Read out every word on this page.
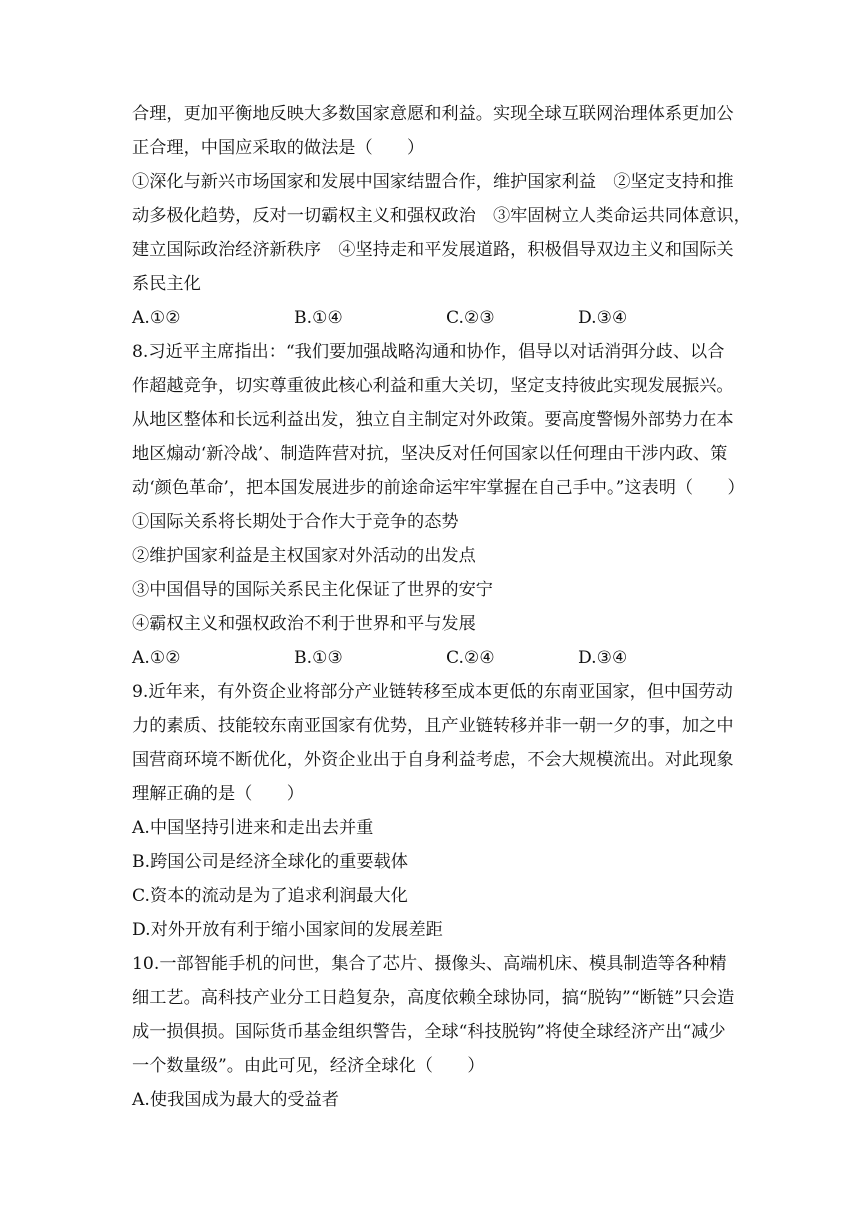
合理，更加平衡地反映大多数国家意愿和利益。实现全球互联网治理体系更加公

正合理，中国应采取的做法是（　　）

①深化与新兴市场国家和发展中国家结盟合作，维护国家利益　②坚定支持和推

动多极化趋势，反对一切霸权主义和强权政治　③牢固树立人类命运共同体意识，

建立国际政治经济新秩序　④坚持走和平发展道路，积极倡导双边主义和国际关

系民主化

A.①②	B.①④	C.②③	D.③④

8.习近平主席指出：“我们要加强战略沟通和协作，倡导以对话消弭分歧、以合

作超越竞争，切实尊重彼此核心利益和重大关切，坚定支持彼此实现发展振兴。

从地区整体和长远利益出发，独立自主制定对外政策。要高度警惕外部势力在本

地区煽动‘新冷战’、制造阵营对抗，坚决反对任何国家以任何理由干涉内政、策

动‘颜色革命’，把本国发展进步的前途命运牢牢掌握在自己手中。”这表明（　　）

①国际关系将长期处于合作大于竞争的态势

②维护国家利益是主权国家对外活动的出发点

③中国倡导的国际关系民主化保证了世界的安宁

④霸权主义和强权政治不利于世界和平与发展

A.①②	B.①③	C.②④	D.③④

9.近年来，有外资企业将部分产业链转移至成本更低的东南亚国家，但中国劳动

力的素质、技能较东南亚国家有优势，且产业链转移并非一朝一夕的事，加之中

国营商环境不断优化，外资企业出于自身利益考虑，不会大规模流出。对此现象

理解正确的是（　　）

A.中国坚持引进来和走出去并重

B.跨国公司是经济全球化的重要载体

C.资本的流动是为了追求利润最大化

D.对外开放有利于缩小国家间的发展差距

10.一部智能手机的问世，集合了芯片、摄像头、高端机床、模具制造等各种精

细工艺。高科技产业分工日趋复杂，高度依赖全球协同，搞“脱钩”“断链”只会造

成一损俱损。国际货币基金组织警告，全球“科技脱钩”将使全球经济产出“减少

一个数量级”。由此可见，经济全球化（　　）

A.使我国成为最大的受益者
